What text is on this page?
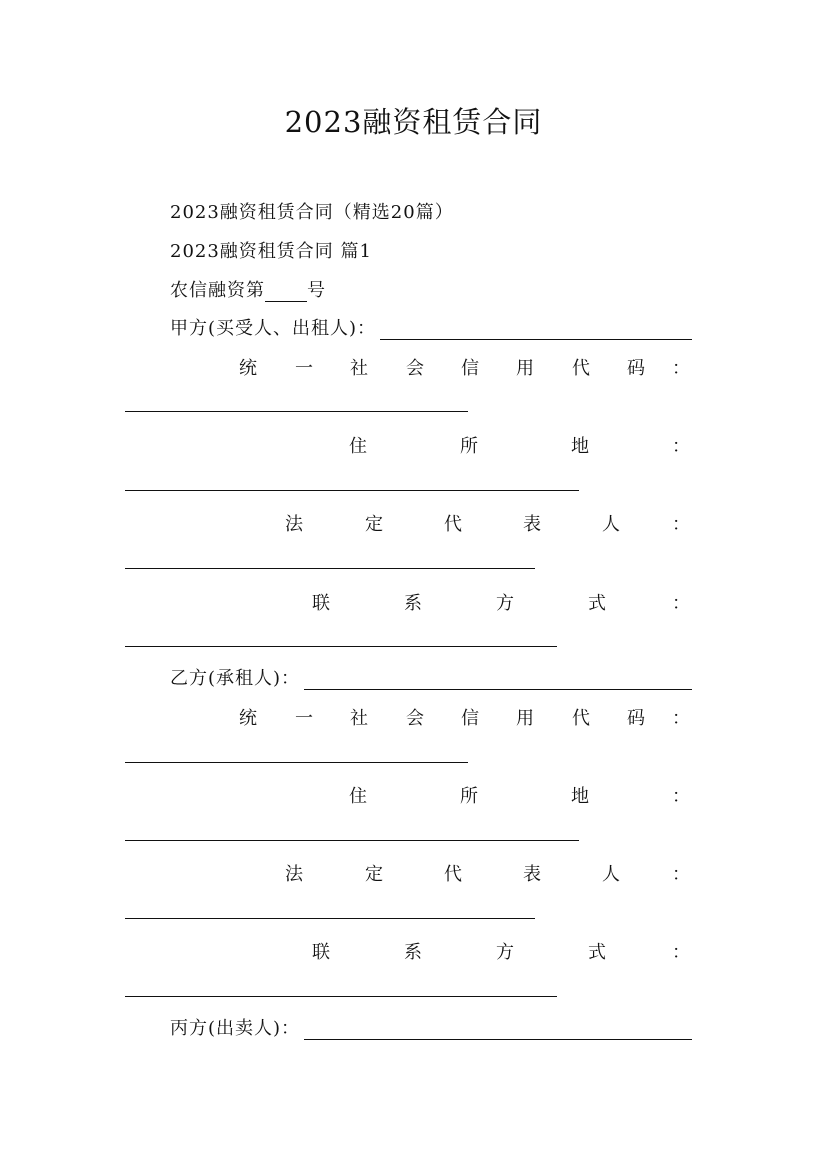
2023融资租赁合同
2023融资租赁合同（精选20篇）
2023融资租赁合同 篇1
农信融资第 号
甲方(买受人、出租人)：
统 一 社 会 信 用 代 码 ：
住	所	地	：
法	定	代	表	人	：
联	系	方	式	：
乙方(承租人)：
统 一 社 会 信 用 代 码 ：
住	所	地	：
法	定	代	表	人	：
联	系	方	式	：
丙方(出卖人)：
